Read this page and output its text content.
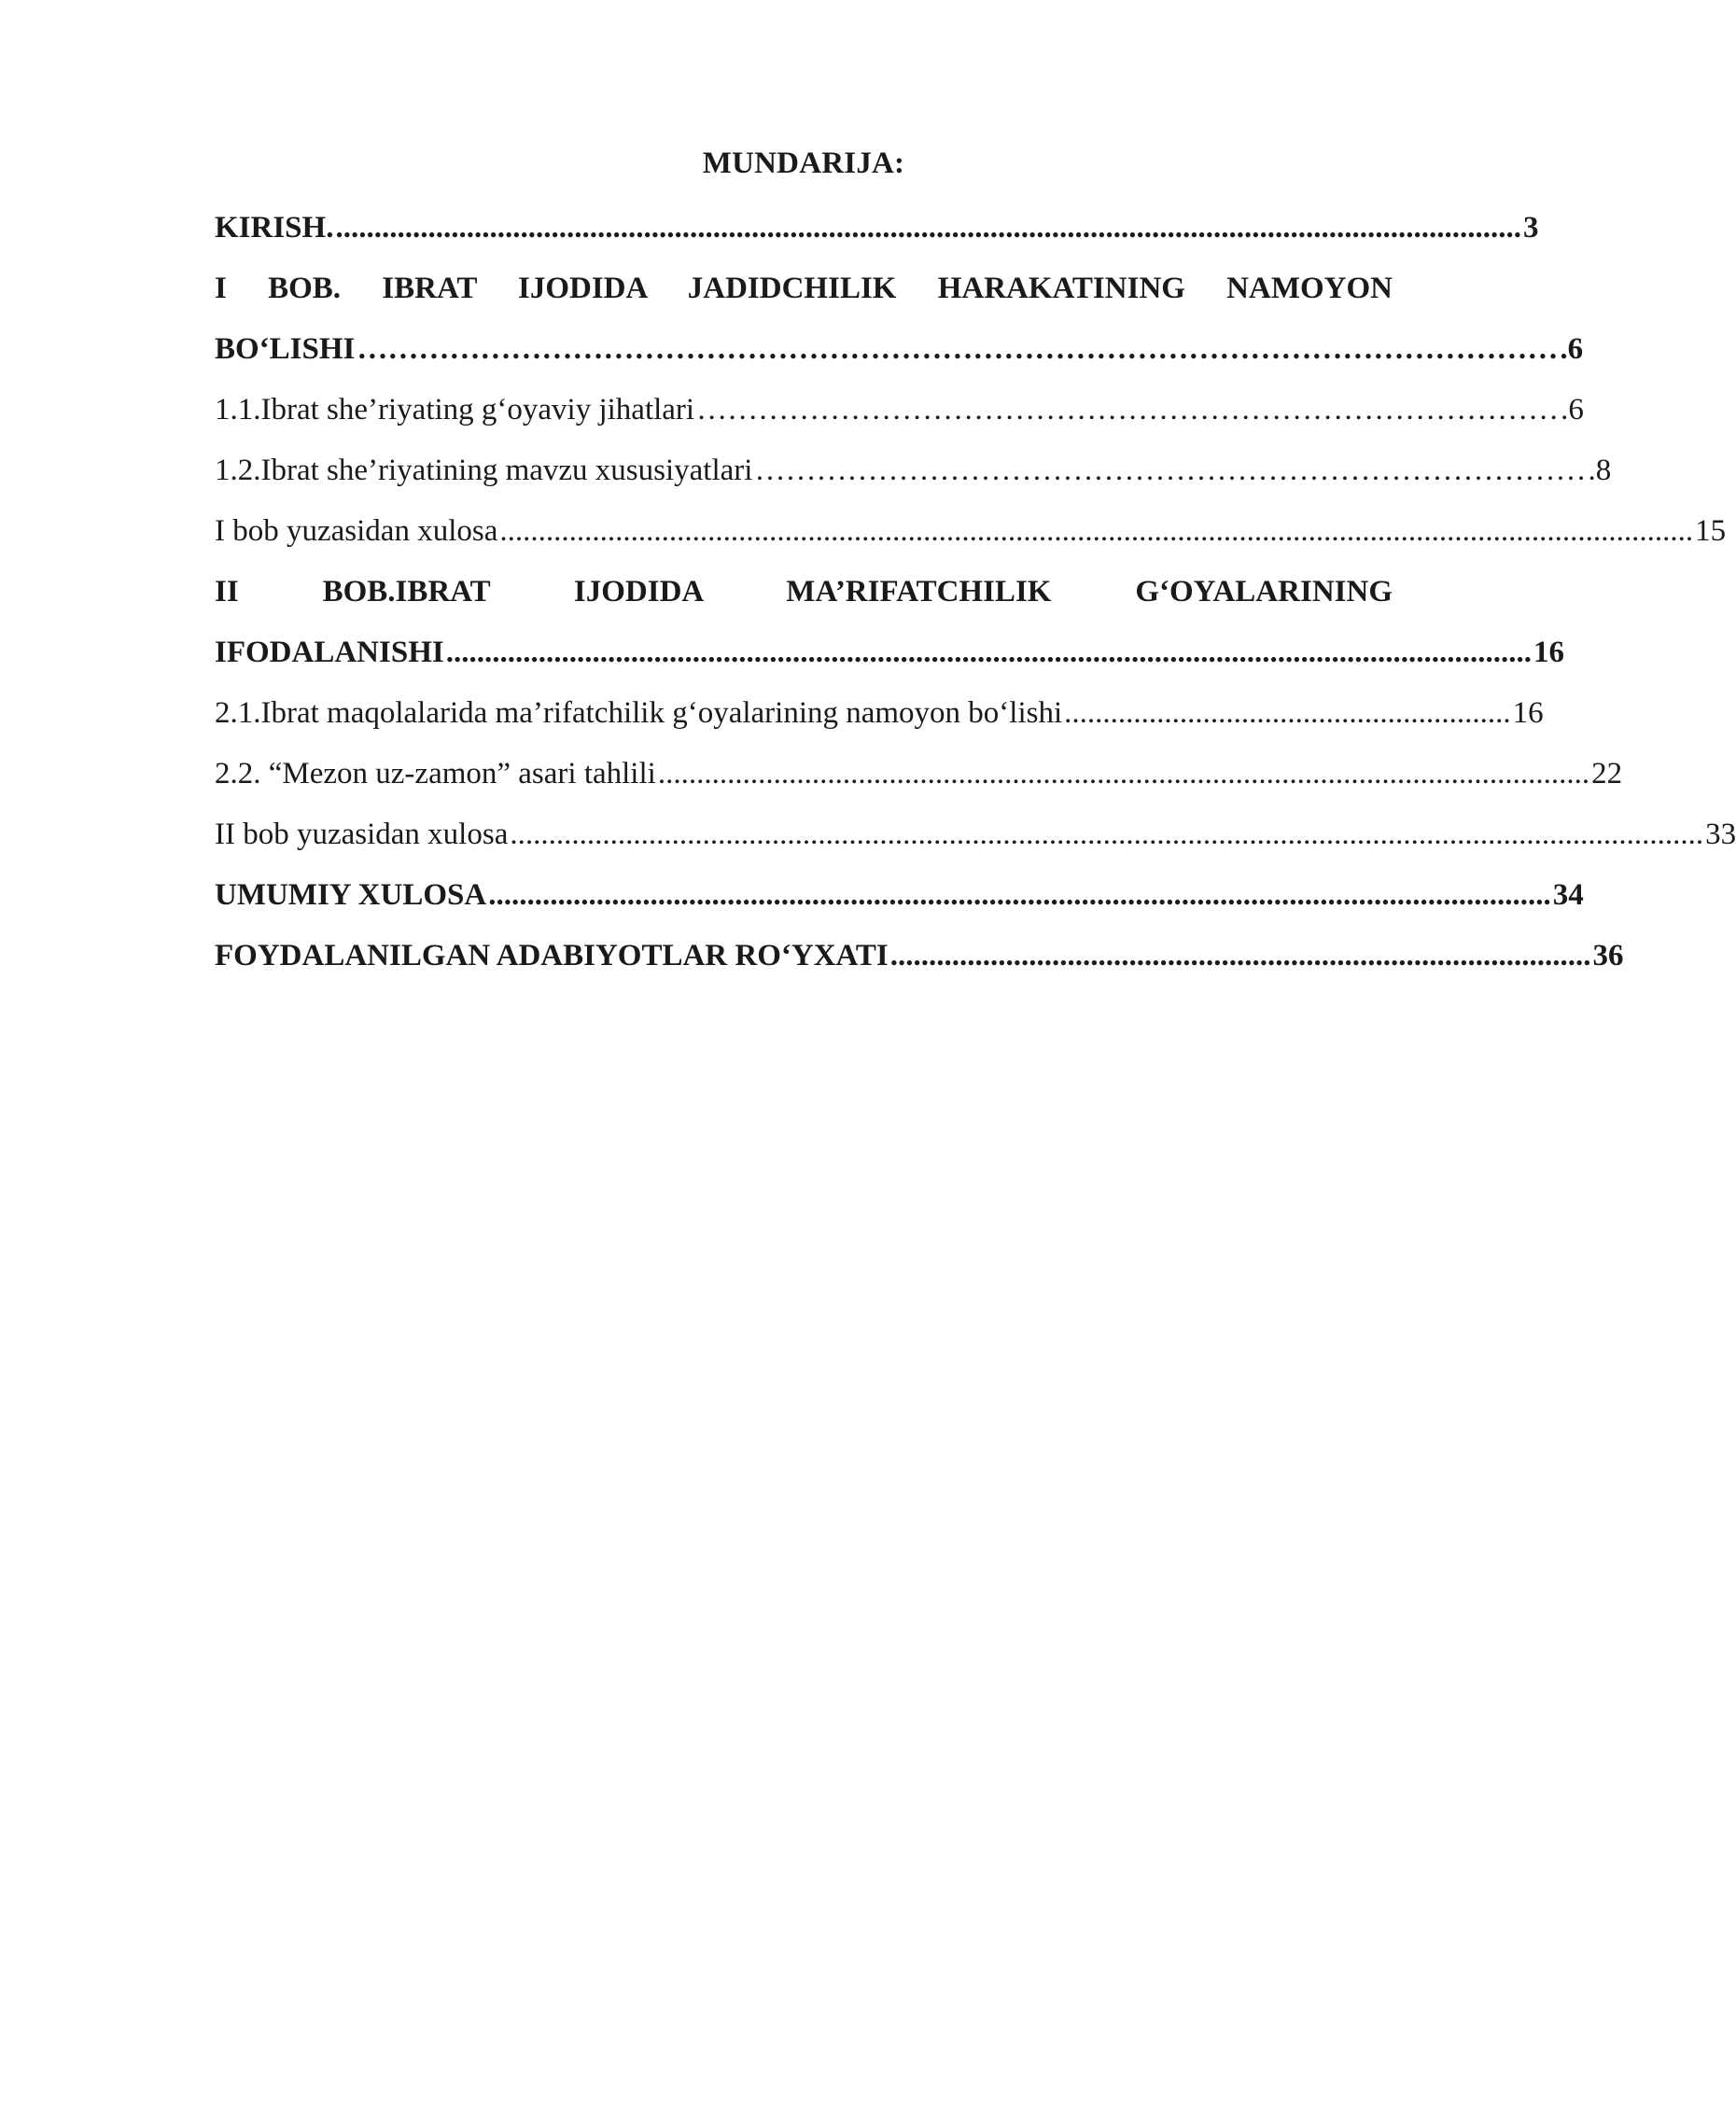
MUNDARIJA:
KIRISH. .......................................................................................................................................................... 3
I BOB. IBRAT IJODIDA JADIDCHILIK HARAKATINING NAMOYON
BO‘LISHI ……………………………………………………………………………………………………… .6
1.1.Ibrat she’riyating g‘oyaviy jihatlari ………………………………………………………………………… .6
1.2.Ibrat she’riyatining mavzu xususiyatlari ……………………………………………………………………… .8
I bob yuzasidan xulosa ........................................................................................................................................................... 15
II BOB.IBRAT IJODIDA MA’RIFATCHILIK G‘OYALARINING
IFODALANISHI ............................................................................................................................................. 16
2.1.Ibrat maqolalarida ma’rifatchilik g‘oyalarining namoyon bo‘lishi .......................................................... 16
2.2. “Mezon uz-zamon” asari tahlili ......................................................................................................................... 22
II bob yuzasidan xulosa ........................................................................................................................................................... 33
UMUMIY XULOSA .......................................................................................................................................... 34
FOYDALANILGAN ADABIYOTLAR RO‘YXATI ........................................................................................... 36
